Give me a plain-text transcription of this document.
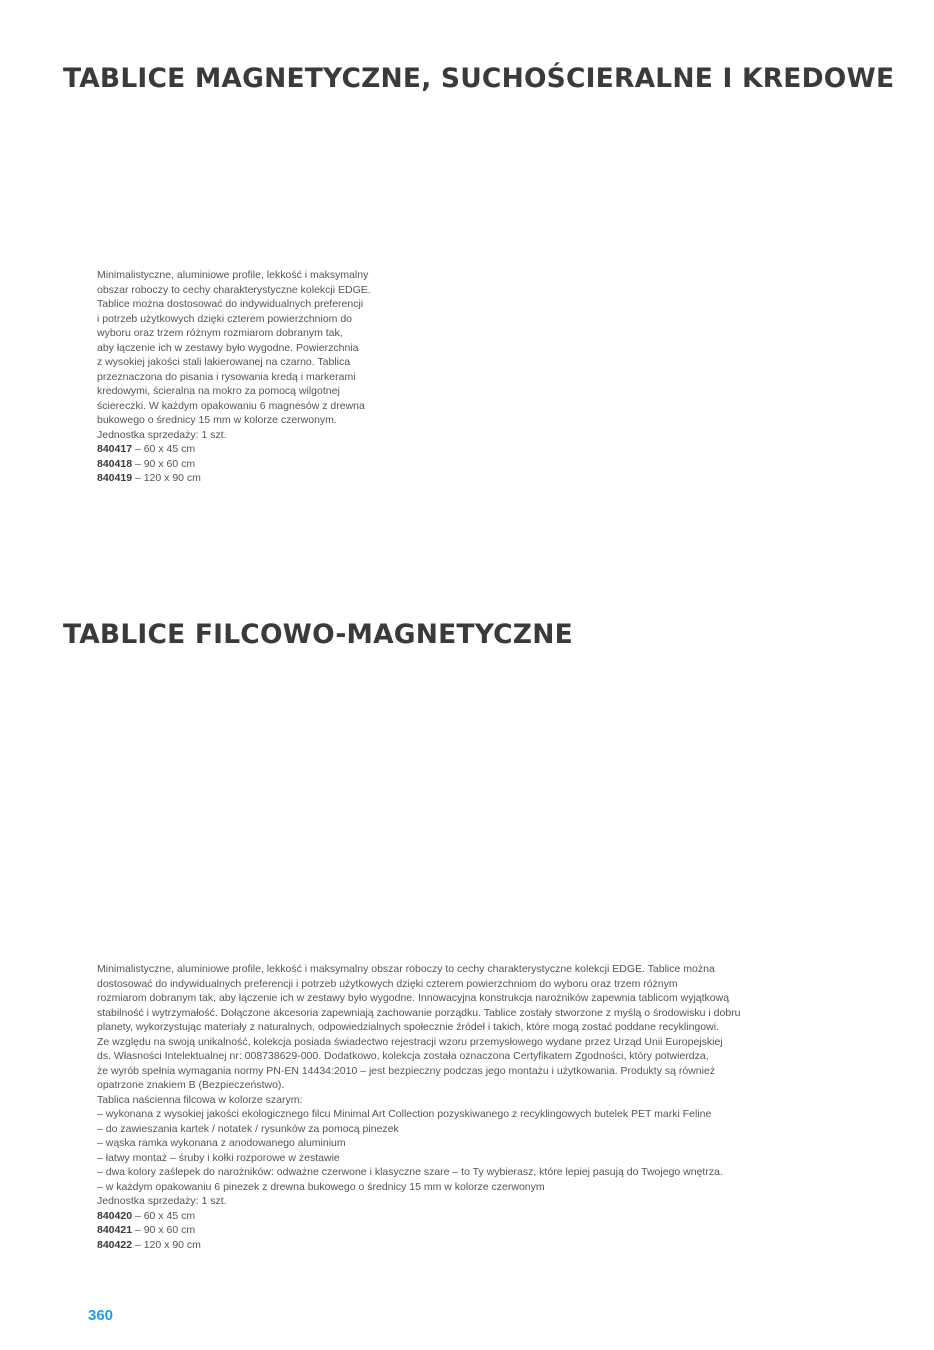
TABLICE MAGNETYCZNE, SUCHOŚCIERALNE I KREDOWE
Minimalistyczne, aluminiowe profile, lekkość i maksymalny
obszar roboczy to cechy charakterystyczne kolekcji EDGE.
Tablice można dostosować do indywidualnych preferencji
i potrzeb użytkowych dzięki czterem powierzchniom do
wyboru oraz trzem różnym rozmiarom dobranym tak,
aby łączenie ich w zestawy było wygodne. Powierzchnia
z wysokiej jakości stali lakierowanej na czarno. Tablica
przeznaczona do pisania i rysowania kredą i markerami
kredowymi, ścieralna na mokro za pomocą wilgotnej
ściereczki. W każdym opakowaniu 6 magnesów z drewna
bukowego o średnicy 15 mm w kolorze czerwonym.
Jednostka sprzedaży: 1 szt.
840417 – 60 x 45 cm
840418 – 90 x 60 cm
840419 – 120 x 90 cm
TABLICE FILCOWO-MAGNETYCZNE
Minimalistyczne, aluminiowe profile, lekkość i maksymalny obszar roboczy to cechy charakterystyczne kolekcji EDGE. Tablice można
dostosować do indywidualnych preferencji i potrzeb użytkowych dzięki czterem powierzchniom do wyboru oraz trzem różnym
rozmiarom dobranym tak, aby łączenie ich w zestawy było wygodne. Innowacyjna konstrukcja narożników zapewnia tablicom wyjątkową
stabilność i wytrzymałość. Dołączone akcesoria zapewniają zachowanie porządku. Tablice zostały stworzone z myślą o środowisku i dobru
planety, wykorzystując materiały z naturalnych, odpowiedzialnych społecznie źródeł i takich, które mogą zostać poddane recyklingowi.
Ze względu na swoją unikalność, kolekcja posiada świadectwo rejestracji wzoru przemysłowego wydane przez Urząd Unii Europejskiej
ds. Własności Intelektualnej nr: 008738629-000. Dodatkowo, kolekcja została oznaczona Certyfikatem Zgodności, który potwierdza,
że wyrób spełnia wymagania normy PN-EN 14434:2010 – jest bezpieczny podczas jego montażu i użytkowania. Produkty są również
opatrzone znakiem B (Bezpieczeństwo).
Tablica naścienna filcowa w kolorze szarym:
– wykonana z wysokiej jakości ekologicznego filcu Minimal Art Collection pozyskiwanego z recyklingowych butelek PET marki Feline
– do zawieszania kartek / notatek / rysunków za pomocą pinezek
– wąska ramka wykonana z anodowanego aluminium
– łatwy montaż – śruby i kołki rozporowe w zestawie
– dwa kolory zaślepek do narożników: odważne czerwone i klasyczne szare – to Ty wybierasz, które lepiej pasują do Twojego wnętrza.
– w każdym opakowaniu 6 pinezek z drewna bukowego o średnicy 15 mm w kolorze czerwonym
Jednostka sprzedaży: 1 szt.
840420 – 60 x 45 cm
840421 – 90 x 60 cm
840422 – 120 x 90 cm
360
